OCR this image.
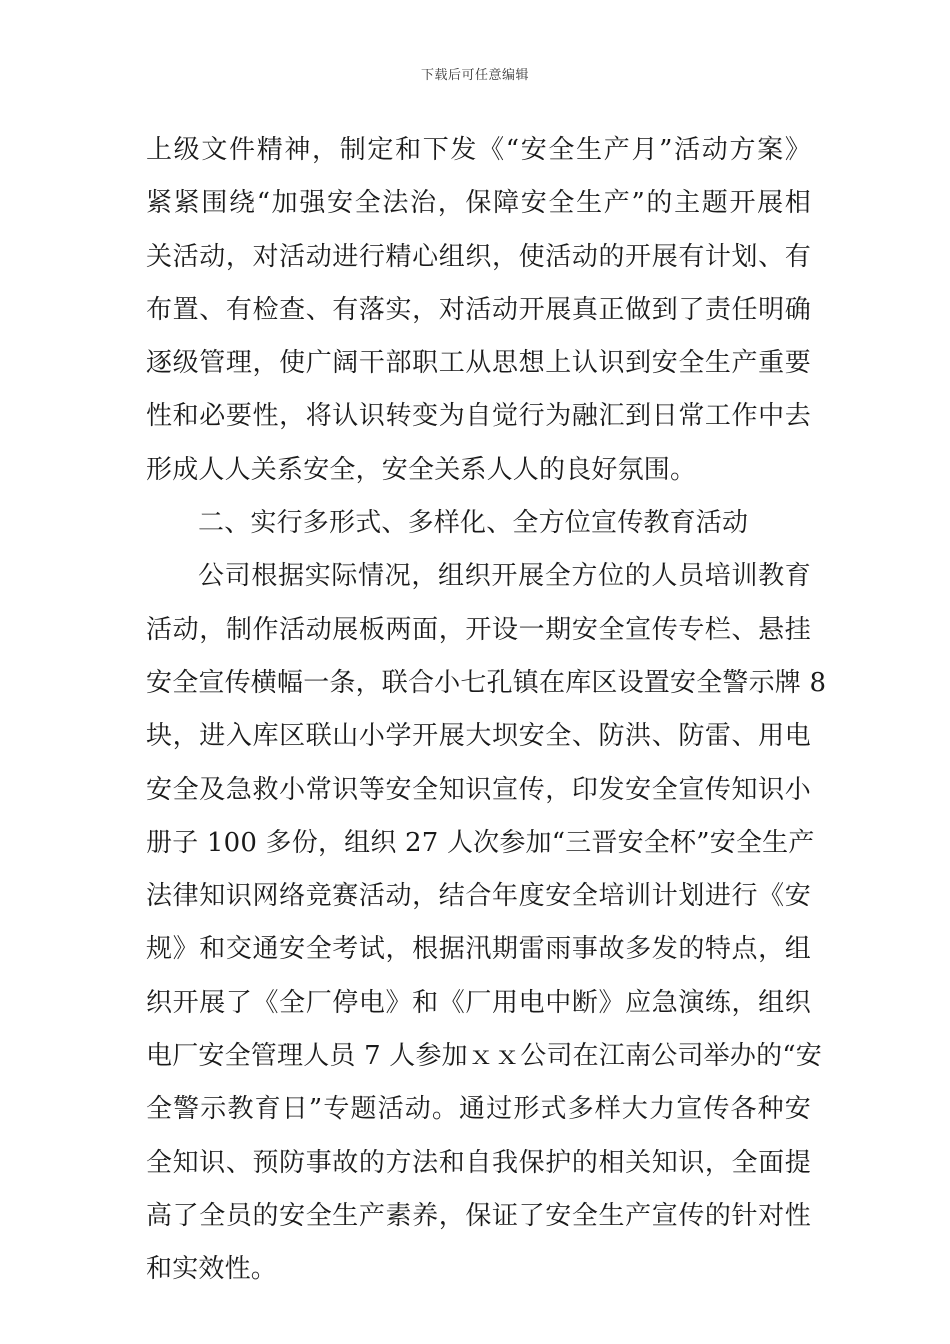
下载后可任意编辑
上级文件精神，制定和下发《“安全生产月”活动方案》
紧紧围绕“加强安全法治，保障安全生产”的主题开展相
关活动，对活动进行精心组织，使活动的开展有计划、有
布置、有检查、有落实，对活动开展真正做到了责任明确
逐级管理，使广阔干部职工从思想上认识到安全生产重要
性和必要性，将认识转变为自觉行为融汇到日常工作中去
形成人人关系安全，安全关系人人的良好氛围。
二、实行多形式、多样化、全方位宣传教育活动
公司根据实际情况，组织开展全方位的人员培训教育
活动，制作活动展板两面，开设一期安全宣传专栏、悬挂
安全宣传横幅一条，联合小七孔镇在库区设置安全警示牌 8
块，进入库区联山小学开展大坝安全、防洪、防雷、用电
安全及急救小常识等安全知识宣传，印发安全宣传知识小
册子 100 多份，组织 27 人次参加“三晋安全杯”安全生产
法律知识网络竞赛活动，结合年度安全培训计划进行《安
规》和交通安全考试，根据汛期雷雨事故多发的特点，组
织开展了《全厂停电》和《厂用电中断》应急演练，组织
电厂安全管理人员 7 人参加ｘｘ公司在江南公司举办的“安
全警示教育日”专题活动。通过形式多样大力宣传各种安
全知识、预防事故的方法和自我保护的相关知识，全面提
高了全员的安全生产素养，保证了安全生产宣传的针对性
和实效性。
